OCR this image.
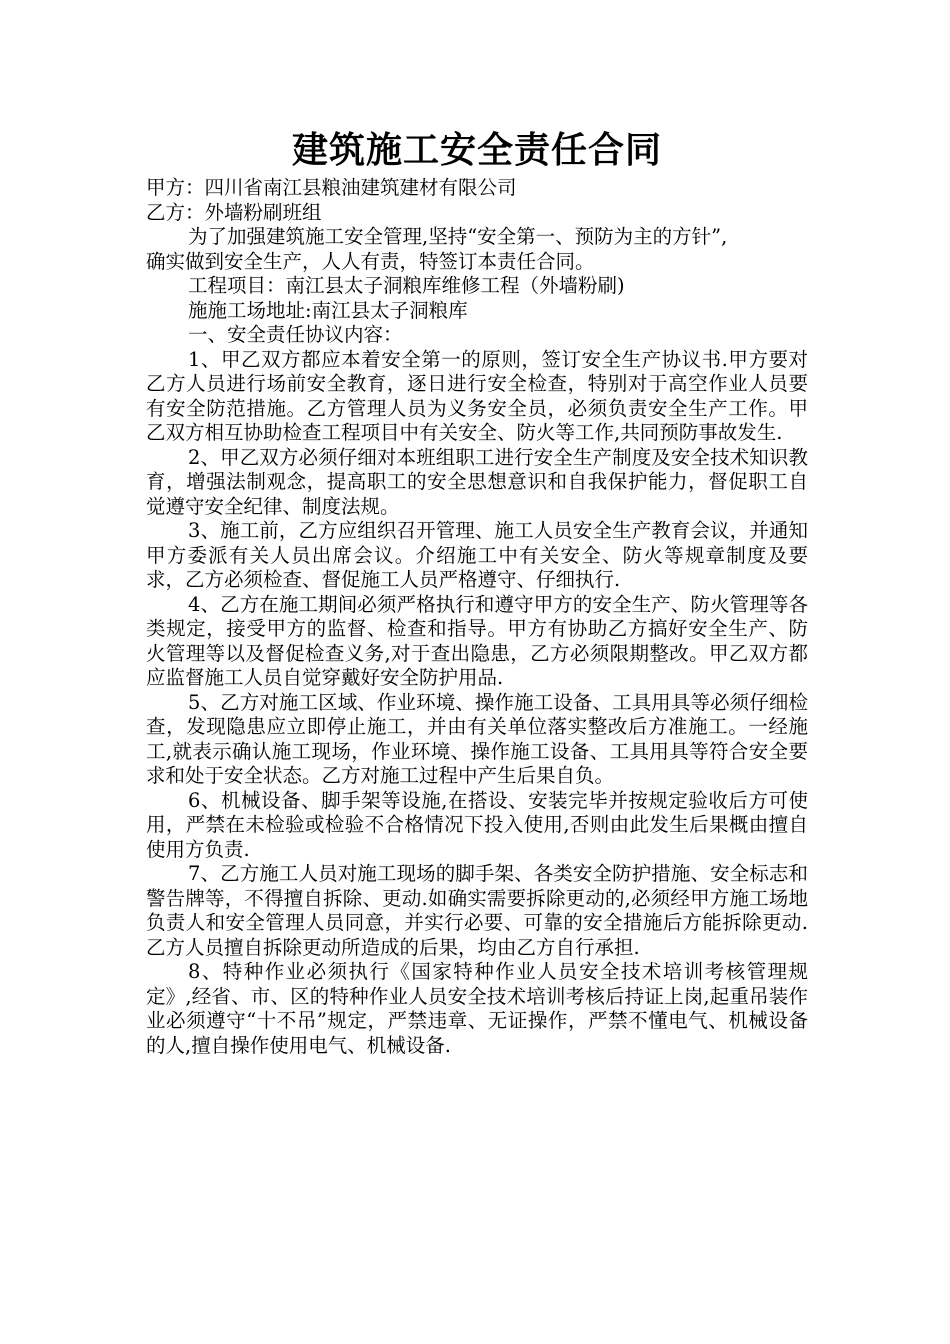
建筑施工安全责任合同

甲方：四川省南江县粮油建筑建材有限公司

乙方：外墙粉刷班组

为了加强建筑施工安全管理,坚持“安全第一、预防为主的方针”,

确实做到安全生产，人人有责，特签订本责任合同。

工程项目：南江县太子洞粮库维修工程（外墙粉刷)

施施工场地址:南江县太子洞粮库

一、安全责任协议内容：

1、甲乙双方都应本着安全第一的原则，签订安全生产协议书.甲方要对乙方人员进行场前安全教育，逐日进行安全检查，特别对于高空作业人员要有安全防范措施。乙方管理人员为义务安全员，必须负责安全生产工作。甲乙双方相互协助检查工程项目中有关安全、防火等工作,共同预防事故发生.

2、甲乙双方必须仔细对本班组职工进行安全生产制度及安全技术知识教育，增强法制观念，提高职工的安全思想意识和自我保护能力，督促职工自觉遵守安全纪律、制度法规。

3、施工前，乙方应组织召开管理、施工人员安全生产教育会议，并通知甲方委派有关人员出席会议。介绍施工中有关安全、防火等规章制度及要求，乙方必须检查、督促施工人员严格遵守、仔细执行.

4、乙方在施工期间必须严格执行和遵守甲方的安全生产、防火管理等各类规定，接受甲方的监督、检查和指导。甲方有协助乙方搞好安全生产、防火管理等以及督促检查义务,对于查出隐患，乙方必须限期整改。甲乙双方都应监督施工人员自觉穿戴好安全防护用品.

5、乙方对施工区域、作业环境、操作施工设备、工具用具等必须仔细检查，发现隐患应立即停止施工，并由有关单位落实整改后方准施工。一经施工,就表示确认施工现场，作业环境、操作施工设备、工具用具等符合安全要求和处于安全状态。乙方对施工过程中产生后果自负。

6、机械设备、脚手架等设施,在搭设、安装完毕并按规定验收后方可使用，严禁在未检验或检验不合格情况下投入使用,否则由此发生后果概由擅自使用方负责.

7、乙方施工人员对施工现场的脚手架、各类安全防护措施、安全标志和警告牌等，不得擅自拆除、更动.如确实需要拆除更动的,必须经甲方施工场地负责人和安全管理人员同意，并实行必要、可靠的安全措施后方能拆除更动.乙方人员擅自拆除更动所造成的后果，均由乙方自行承担.

8、特种作业必须执行《国家特种作业人员安全技术培训考核管理规定》,经省、市、区的特种作业人员安全技术培训考核后持证上岗,起重吊装作业必须遵守“十不吊”规定，严禁违章、无证操作，严禁不懂电气、机械设备的人,擅自操作使用电气、机械设备.
